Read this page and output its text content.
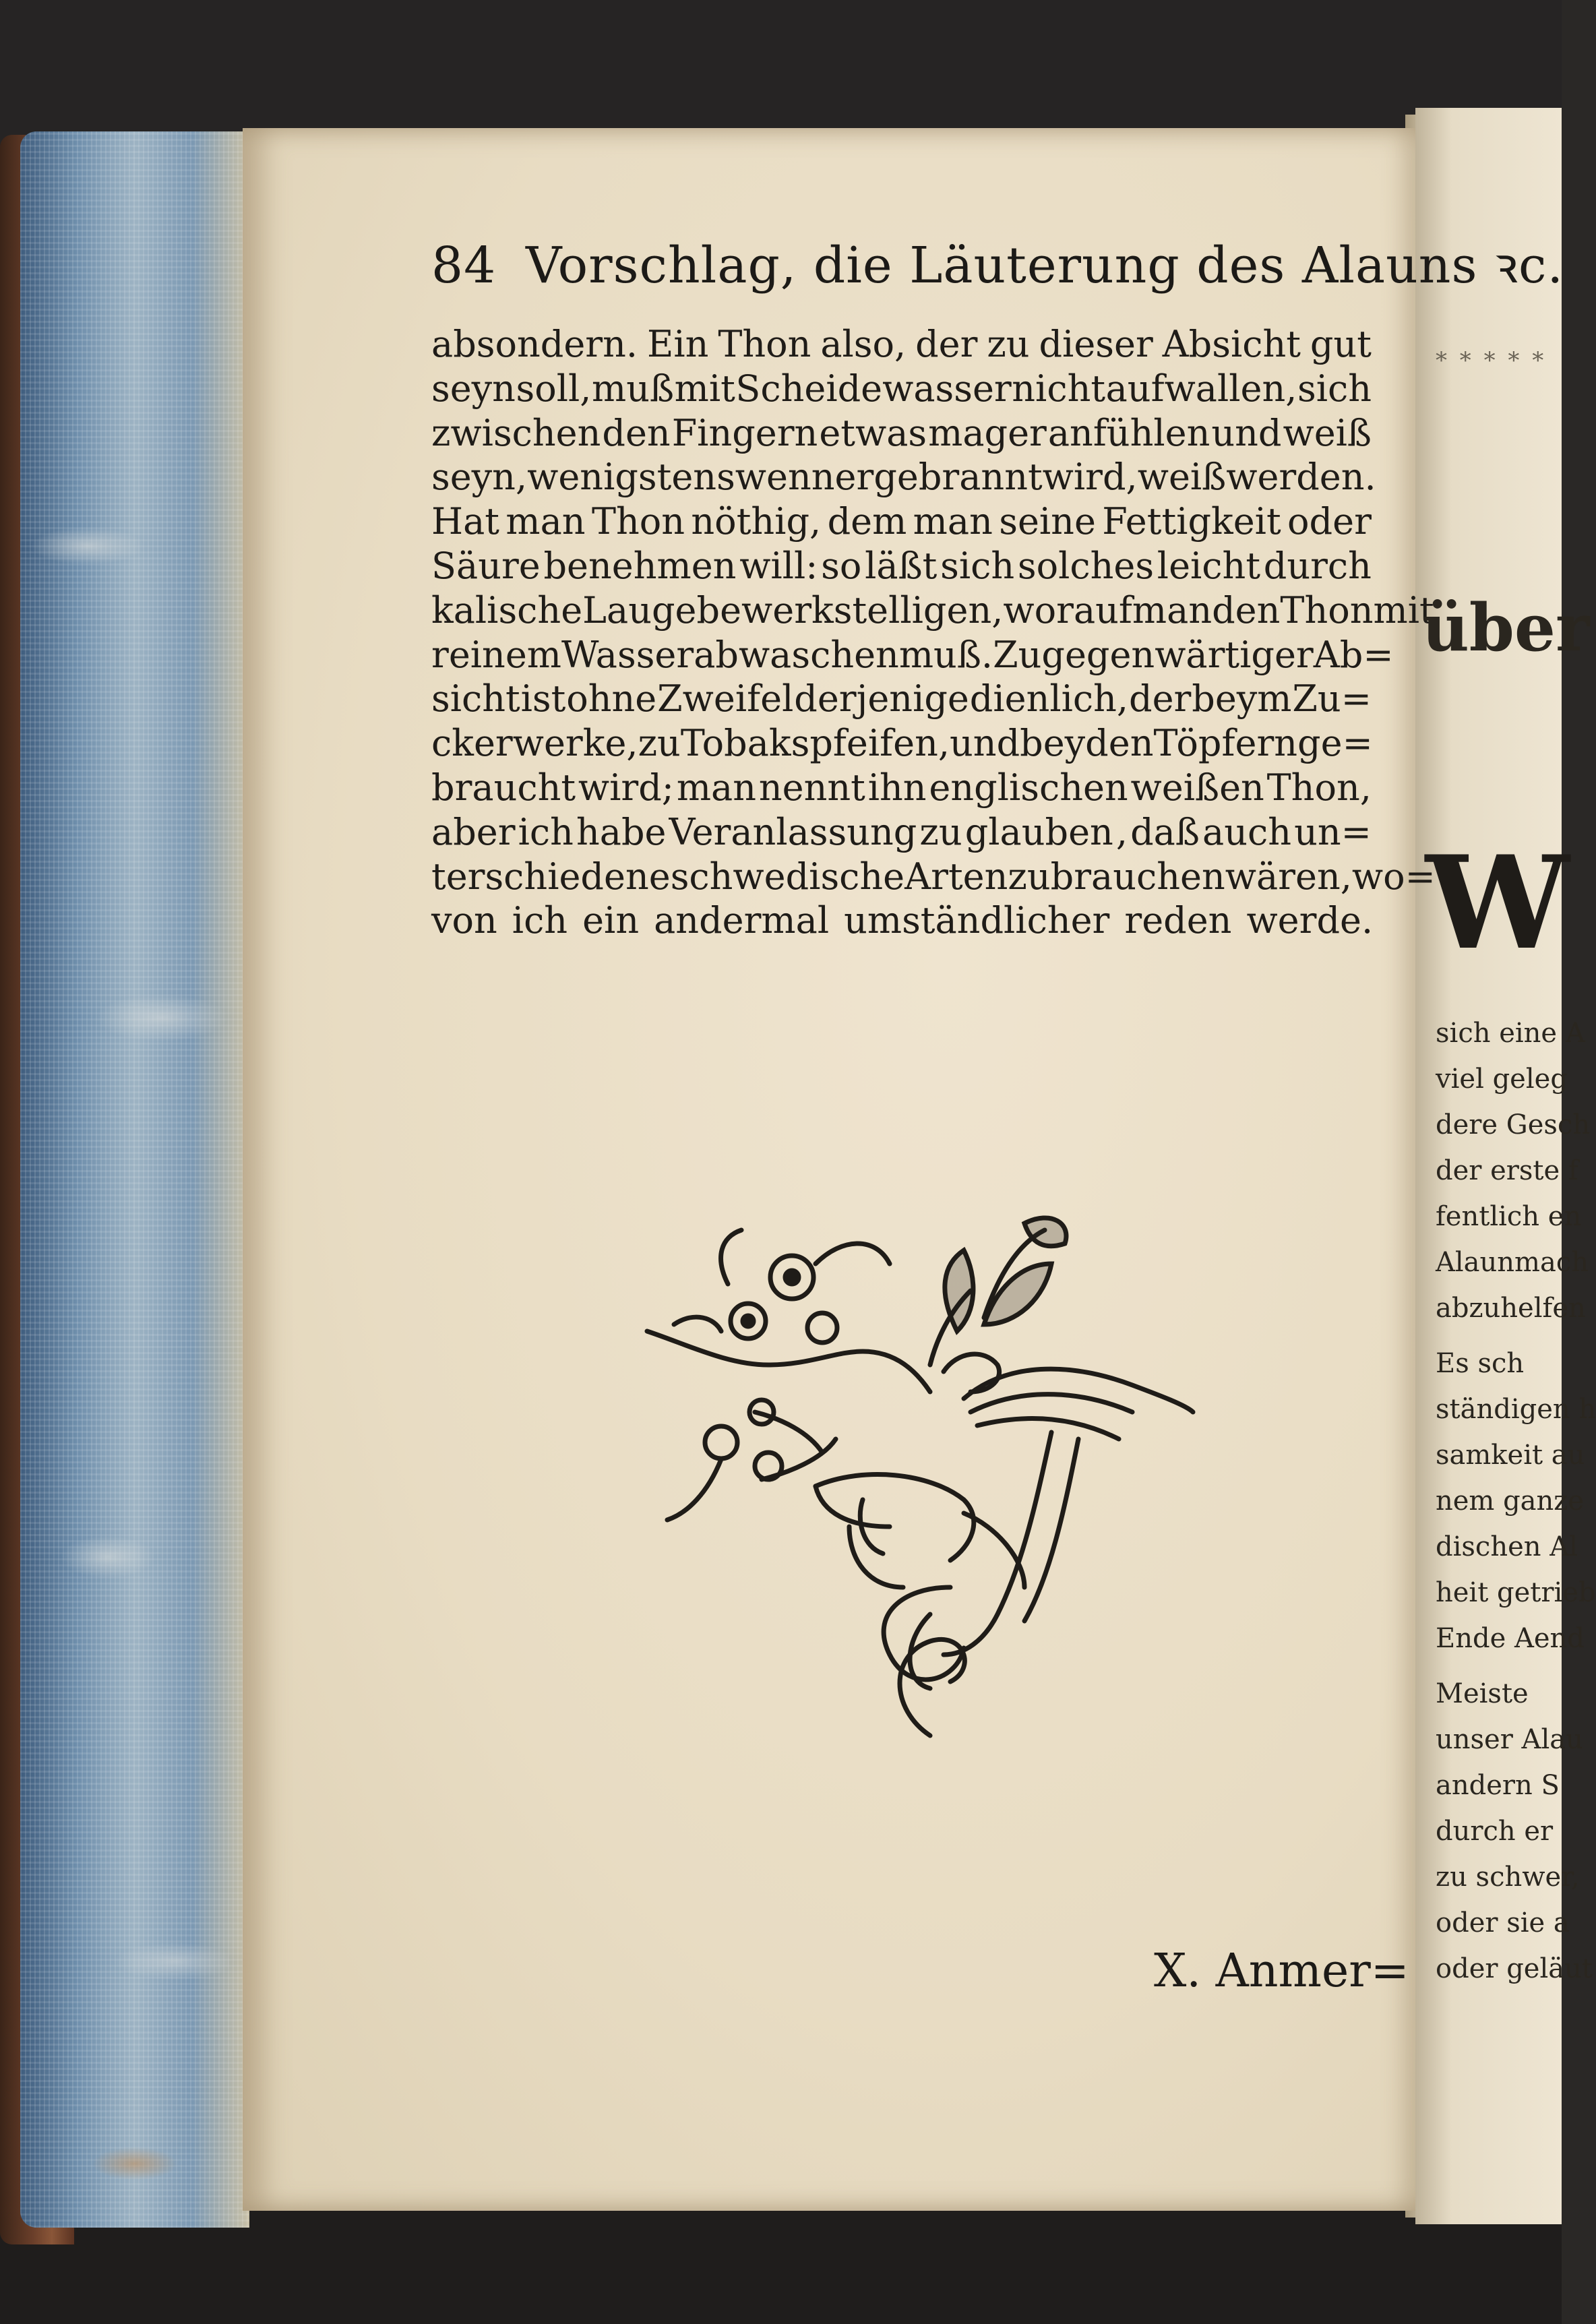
84 Vorschlag, die Läuterung des Alauns ꝛc.
absondern. Ein Thon also, der zu dieser Absicht gut
seyn soll, muß mit Scheidewasser nicht aufwallen, sich
zwischen den Fingern etwas mager anfühlen und weiß
seyn, wenigstens wenn er gebrannt wird, weiß werden.
Hat man Thon nöthig, dem man seine Fettigkeit oder
Säure benehmen will: so läßt sich solches leicht durch
kalische Lauge bewerkstelligen, worauf man den Thon mit
reinem Wasser abwaschen muß. Zu gegenwärtiger Ab=
sicht ist ohne Zweifel derjenige dienlich, der beym Zu=
ckerwerke, zu Tobakspfeifen, und bey den Töpfern ge=
braucht wird; man nennt ihn englischen weißen Thon,
aber ich habe Veranlassung zu glauben , daß auch un=
terschiedene schwedische Arten zu brauchen wären, wo=
von ich ein andermal umständlicher reden werde.
X. Anmer=
* * * * *
über
W
sich eine A
viel geleg
dere Gesch
der erste f
fentlich en
Alaunmach
abzuhelfen
Es sch
ständigen h
samkeit au
nem ganze
dischen Al
heit getrieb
Ende Aend
Meiste
unser Alau
andern S
durch er
zu schwer,
oder sie a
oder geläut
